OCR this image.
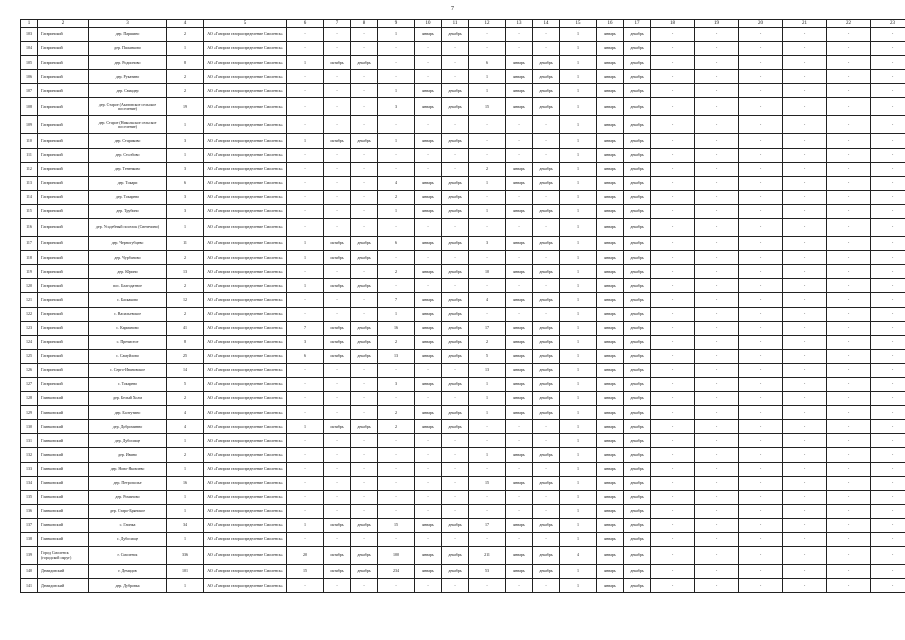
7
1	2	3	4	5	6	7	8	9	10	11	12	13	14	15	16	17	18	19	20	21	22	23
103	Гагаринский	дер. Паршино	2	АО «Газпром газораспределение Смоленск»	-	-	-	1	январь	декабрь	-	-	-	1	январь	декабрь	-	-	-	-	-	-
104	Гагаринский	дер. Пасынково	1	АО «Газпром газораспределение Смоленск»	-	-	-	-	-	-	-	-	-	1	январь	декабрь	-	-	-	-	-	-
105	Гагаринский	дер. Родионово	8	АО «Газпром газораспределение Смоленск»	1	октябрь	декабрь	-	-	-	6	январь	декабрь	1	январь	декабрь	-	-	-	-	-	-
106	Гагаринский	дер. Рукатино	2	АО «Газпром газораспределение Смоленск»	-	-	-	-	-	-	1	январь	декабрь	1	январь	декабрь	-	-	-	-	-	-
107	Гагаринский	дер. Свиадер	2	АО «Газпром газораспределение Смоленск»	-	-	-	1	январь	декабрь	1	январь	декабрь	1	январь	декабрь	-	-	-	-	-	-
108	Гагаринский	дер. Старое (Акатовское сельское поселение)	19	АО «Газпром газораспределение Смоленск»	-	-	-	3	январь	декабрь	15	январь	декабрь	1	январь	декабрь	-	-	-	-	-	-
109	Гагаринский	дер. Старое (Никольское сельское поселение)	1	АО «Газпром газораспределение Смоленск»	-	-	-	-	-	-	-	-	-	1	январь	декабрь	-	-	-	-	-	-
110	Гагаринский	дер. Стариково	3	АО «Газпром газораспределение Смоленск»	1	октябрь	декабрь	1	январь	декабрь	-	-	-	1	январь	декабрь	-	-	-	-	-	-
111	Гагаринский	дер. Столбово	1	АО «Газпром газораспределение Смоленск»	-	-	-	-	-	-	-	-	-	1	январь	декабрь	-	-	-	-	-	-
112	Гагаринский	дер. Тененково	3	АО «Газпром газораспределение Смоленск»	-	-	-	-	-	-	2	январь	декабрь	1	январь	декабрь	-	-	-	-	-	-
113	Гагаринский	дер. Токари	6	АО «Газпром газораспределение Смоленск»	-	-	-	4	январь	декабрь	1	январь	декабрь	1	январь	декабрь	-	-	-	-	-	-
114	Гагаринский	дер. Токарево	3	АО «Газпром газораспределение Смоленск»	-	-	-	2	январь	декабрь	-	-	-	1	январь	декабрь	-	-	-	-	-	-
115	Гагаринский	дер. Трубино	3	АО «Газпром газораспределение Смоленск»	-	-	-	1	январь	декабрь	1	январь	декабрь	1	январь	декабрь	-	-	-	-	-	-
116	Гагаринский	дер. Усадебный поселок (Свечечино)	1	АО «Газпром газораспределение Смоленск»	-	-	-	-	-	-	-	-	-	1	январь	декабрь	-	-	-	-	-	-
117	Гагаринский	дер. Черногубцево	11	АО «Газпром газораспределение Смоленск»	1	октябрь	декабрь	6	январь	декабрь	3	январь	декабрь	1	январь	декабрь	-	-	-	-	-	-
118	Гагаринский	дер. Чурбаново	2	АО «Газпром газораспределение Смоленск»	1	октябрь	декабрь	-	-	-	-	-	-	1	январь	декабрь	-	-	-	-	-	-
119	Гагаринский	дер. Юрино	13	АО «Газпром газораспределение Смоленск»	-	-	-	2	январь	декабрь	10	январь	декабрь	1	январь	декабрь	-	-	-	-	-	-
120	Гагаринский	пос. Благодатное	2	АО «Газпром газораспределение Смоленск»	1	октябрь	декабрь	-	-	-	-	-	-	1	январь	декабрь	-	-	-	-	-	-
121	Гагаринский	с. Баскаково	12	АО «Газпром газораспределение Смоленск»	-	-	-	7	январь	декабрь	4	январь	декабрь	1	январь	декабрь	-	-	-	-	-	-
122	Гагаринский	с. Васильевское	2	АО «Газпром газораспределение Смоленск»	-	-	-	1	январь	декабрь	-	-	-	1	январь	декабрь	-	-	-	-	-	-
123	Гагаринский	с. Карманово	41	АО «Газпром газораспределение Смоленск»	7	октябрь	декабрь	16	январь	декабрь	17	январь	декабрь	1	январь	декабрь	-	-	-	-	-	-
124	Гагаринский	с. Пречистое	8	АО «Газпром газораспределение Смоленск»	3	октябрь	декабрь	2	январь	декабрь	2	январь	декабрь	1	январь	декабрь	-	-	-	-	-	-
125	Гагаринский	с. Самуйлово	25	АО «Газпром газораспределение Смоленск»	6	октябрь	декабрь	13	январь	декабрь	5	январь	декабрь	1	январь	декабрь	-	-	-	-	-	-
126	Гагаринский	с. Серго-Ивановское	14	АО «Газпром газораспределение Смоленск»	-	-	-	-	-	-	13	январь	декабрь	1	январь	декабрь	-	-	-	-	-	-
127	Гагаринский	с. Токарево	5	АО «Газпром газораспределение Смоленск»	-	-	-	3	январь	декабрь	1	январь	декабрь	1	январь	декабрь	-	-	-	-	-	-
128	Глинковский	дер. Белый Холм	2	АО «Газпром газораспределение Смоленск»	-	-	-	-	-	-	1	январь	декабрь	1	январь	декабрь	-	-	-	-	-	-
129	Глинковский	дер. Болтутино	4	АО «Газпром газораспределение Смоленск»	-	-	-	2	январь	декабрь	1	январь	декабрь	1	январь	декабрь	-	-	-	-	-	-
130	Глинковский	дер. Доброминно	4	АО «Газпром газораспределение Смоленск»	1	октябрь	декабрь	2	январь	декабрь	-	-	-	1	январь	декабрь	-	-	-	-	-	-
131	Глинковский	дер. Дубосище	1	АО «Газпром газораспределение Смоленск»	-	-	-	-	-	-	-	-	-	1	январь	декабрь	-	-	-	-	-	-
132	Глинковский	дер. Ивино	2	АО «Газпром газораспределение Смоленск»	-	-	-	-	-	-	1	январь	декабрь	1	январь	декабрь	-	-	-	-	-	-
133	Глинковский	дер. Ново-Яковлево	1	АО «Газпром газораспределение Смоленск»	-	-	-	-	-	-	-	-	-	1	январь	декабрь	-	-	-	-	-	-
134	Глинковский	дер. Петрополье	16	АО «Газпром газораспределение Смоленск»	-	-	-	-	-	-	15	январь	декабрь	1	январь	декабрь	-	-	-	-	-	-
135	Глинковский	дер. Романово	1	АО «Газпром газораспределение Смоленск»	-	-	-	-	-	-	-	-	-	1	январь	декабрь	-	-	-	-	-	-
136	Глинковский	дер. Старо-Брянское	1	АО «Газпром газораспределение Смоленск»	-	-	-	-	-	-	-	-	-	1	январь	декабрь	-	-	-	-	-	-
137	Глинковский	с. Глинка	34	АО «Газпром газораспределение Смоленск»	1	октябрь	декабрь	15	январь	декабрь	17	январь	декабрь	1	январь	декабрь	-	-	-	-	-	-
138	Глинковский	с. Дубосище	1	АО «Газпром газораспределение Смоленск»	-	-	-	-	-	-	-	-	-	1	январь	декабрь	-	-	-	-	-	-
139	Город Смоленск (городской округ)	г. Смоленск	336	АО «Газпром газораспределение Смоленск»	20	октябрь	декабрь	100	январь	декабрь	211	январь	декабрь	4	январь	декабрь	-	-	-	-	-	-
140	Демидовский	г. Демидов	101	АО «Газпром газораспределение Смоленск»	15	октябрь	декабрь	234	январь	декабрь	53	январь	декабрь	1	январь	декабрь	-	-	-	-	-	-
141	Демидовский	дер. Дубровка	1	АО «Газпром газораспределение Смоленск»	-	-	-	-	-	-	-	-	-	1	январь	декабрь	-	-	-	-	-	-
